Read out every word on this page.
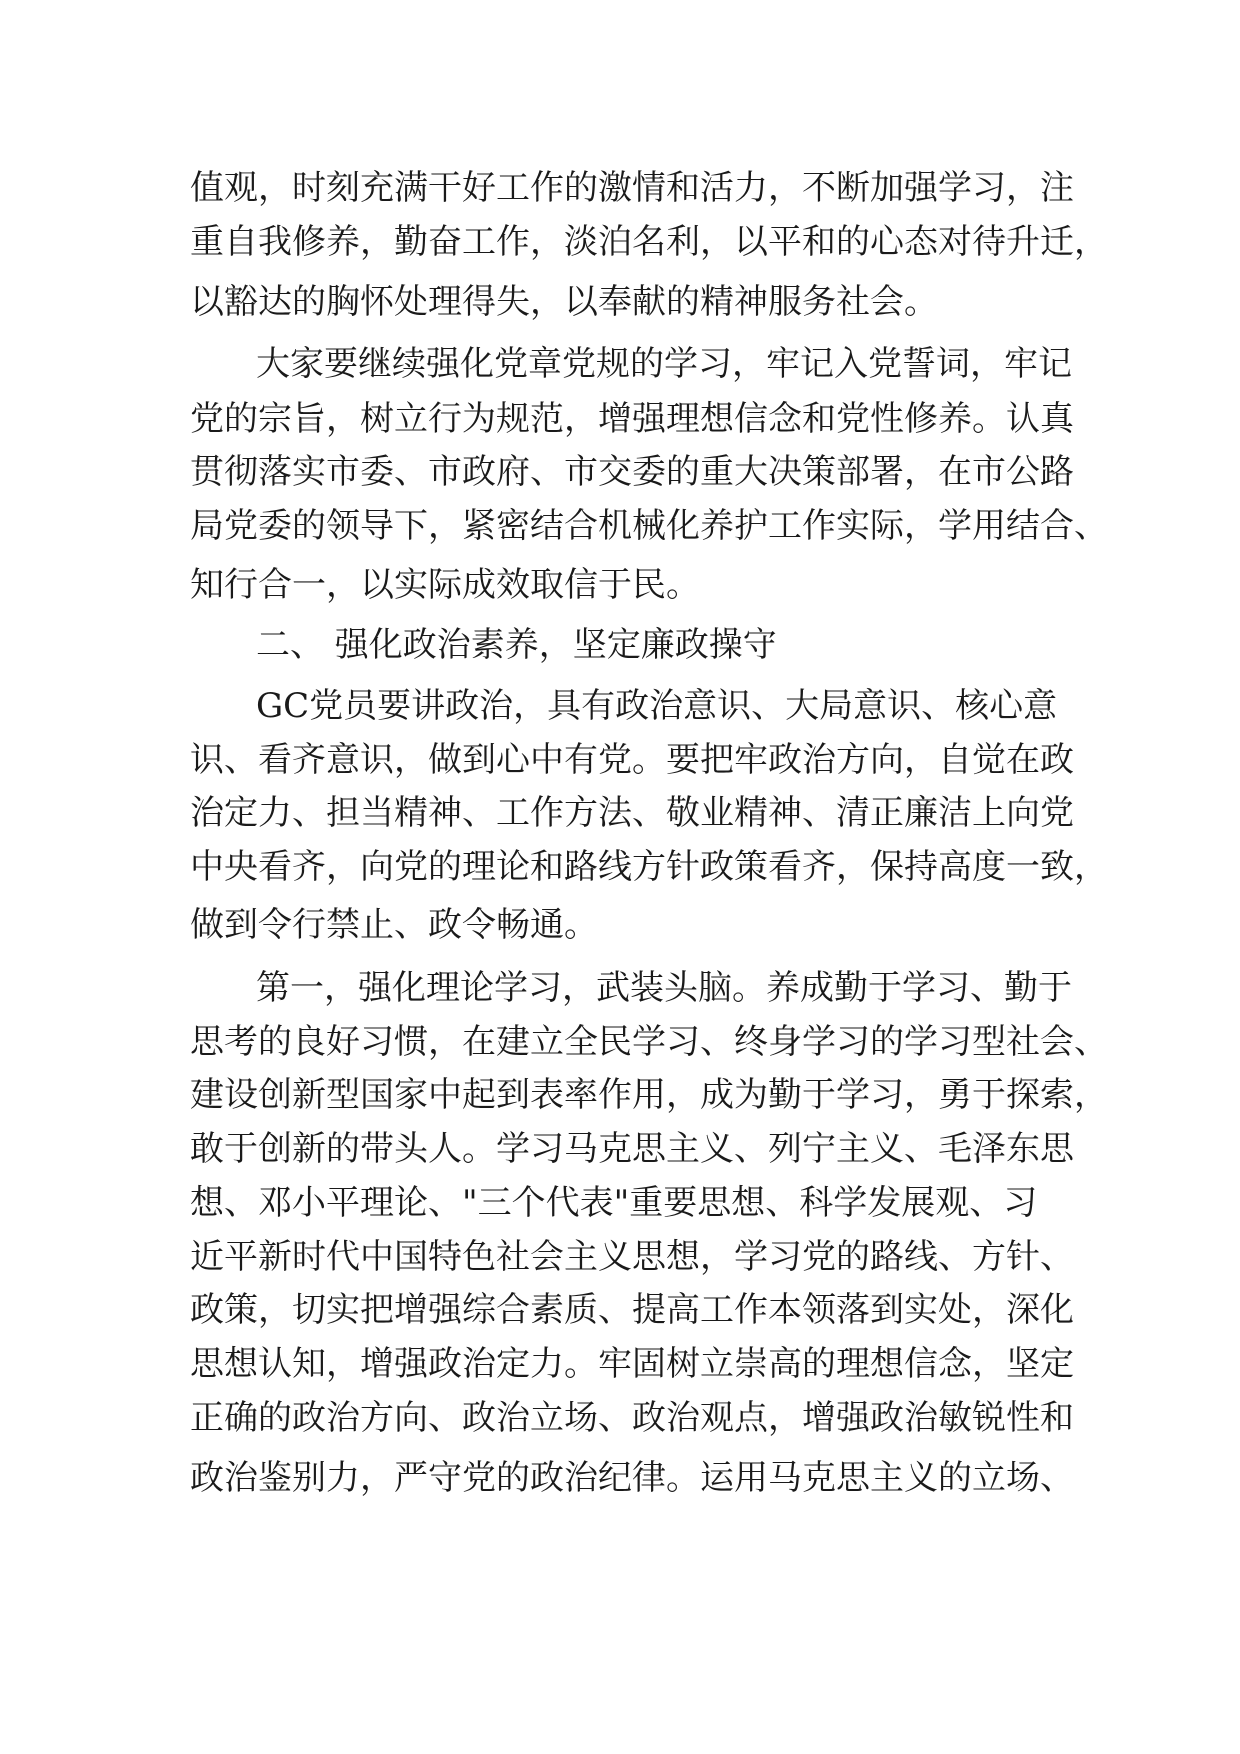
值观，时刻充满干好工作的激情和活力，不断加强学习，注
重自我修养，勤奋工作，淡泊名利，以平和的心态对待升迁，
以豁达的胸怀处理得失，以奉献的精神服务社会。
大家要继续强化党章党规的学习，牢记入党誓词，牢记
党的宗旨，树立行为规范，增强理想信念和党性修养。认真
贯彻落实市委、市政府、市交委的重大决策部署，在市公路
局党委的领导下，紧密结合机械化养护工作实际，学用结合、
知行合一，以实际成效取信于民。
二、 强化政治素养，坚定廉政操守
GC党员要讲政治，具有政治意识、大局意识、核心意
识、看齐意识，做到心中有党。要把牢政治方向，自觉在政
治定力、担当精神、工作方法、敬业精神、清正廉洁上向党
中央看齐，向党的理论和路线方针政策看齐，保持高度一致，
做到令行禁止、政令畅通。
第一，强化理论学习，武装头脑。养成勤于学习、勤于
思考的良好习惯，在建立全民学习、终身学习的学习型社会、
建设创新型国家中起到表率作用，成为勤于学习，勇于探索，
敢于创新的带头人。学习马克思主义、列宁主义、毛泽东思
想、邓小平理论、"三个代表"重要思想、科学发展观、习
近平新时代中国特色社会主义思想，学习党的路线、方针、
政策，切实把增强综合素质、提高工作本领落到实处，深化
思想认知，增强政治定力。牢固树立崇高的理想信念，坚定
正确的政治方向、政治立场、政治观点，增强政治敏锐性和
政治鉴别力，严守党的政治纪律。运用马克思主义的立场、
